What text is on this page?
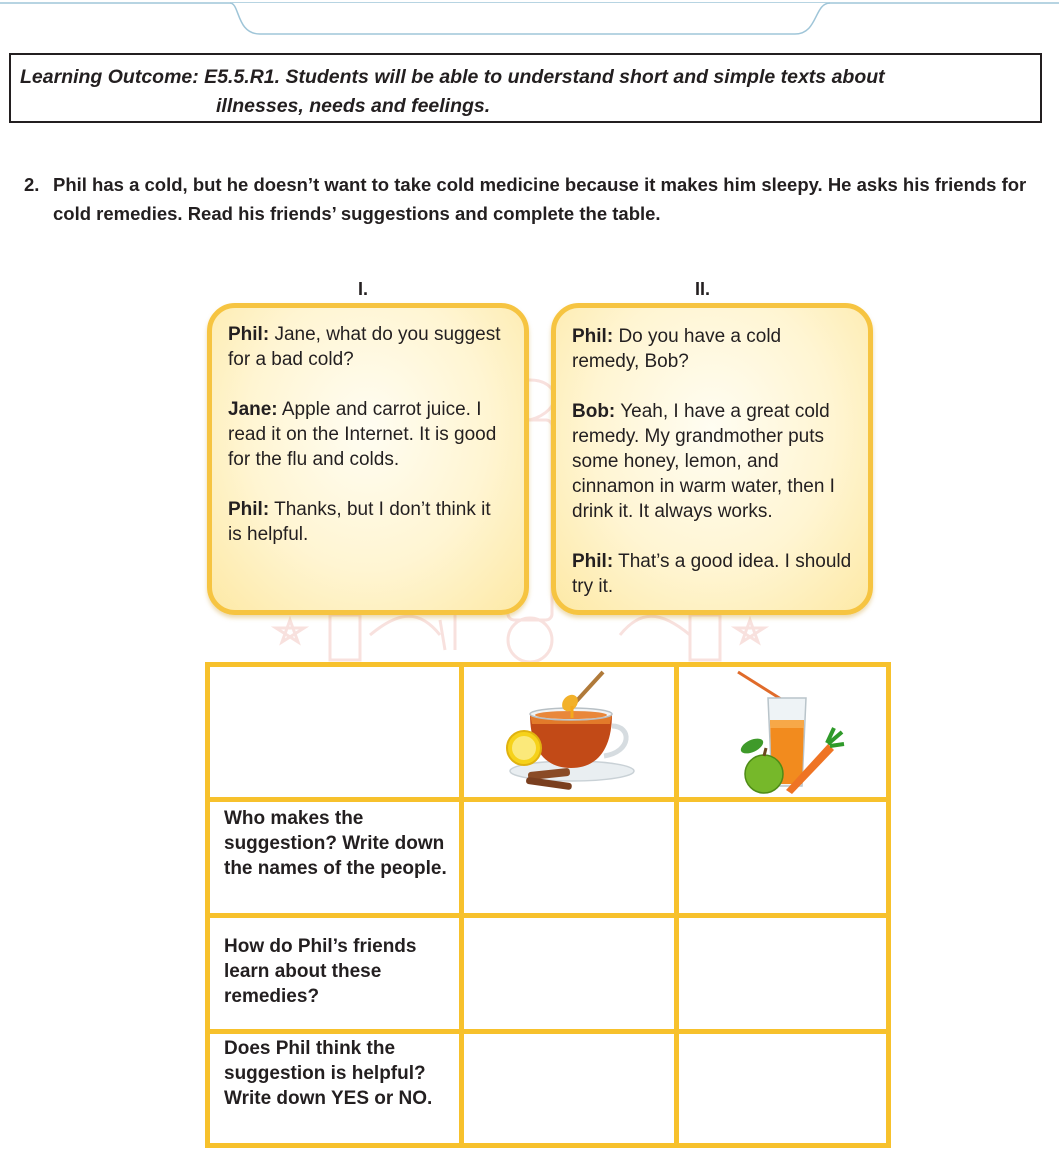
Learning Outcome: E5.5.R1. Students will be able to understand short and simple texts about
illnesses, needs and feelings.
2. Phil has a cold, but he doesn’t want to take cold medicine because it makes him sleepy. He asks his friends for cold remedies. Read his friends’ suggestions and complete the table.
I.

Phil: Jane, what do you suggest for a bad cold?

Jane: Apple and carrot juice. I read it on the Internet. It is good for the flu and colds.

Phil: Thanks, but I don’t think it is helpful.

II.

Phil: Do you have a cold remedy, Bob?

Bob: Yeah, I have a great cold remedy. My grandmother puts some honey, lemon, and cinnamon in warm water, then I drink it. It always works.

Phil: That’s a good idea. I should try it.

Who makes the suggestion? Write down the names of the people.
How do Phil’s friends learn about these remedies?
Does Phil think the suggestion is helpful? Write down YES or NO.
